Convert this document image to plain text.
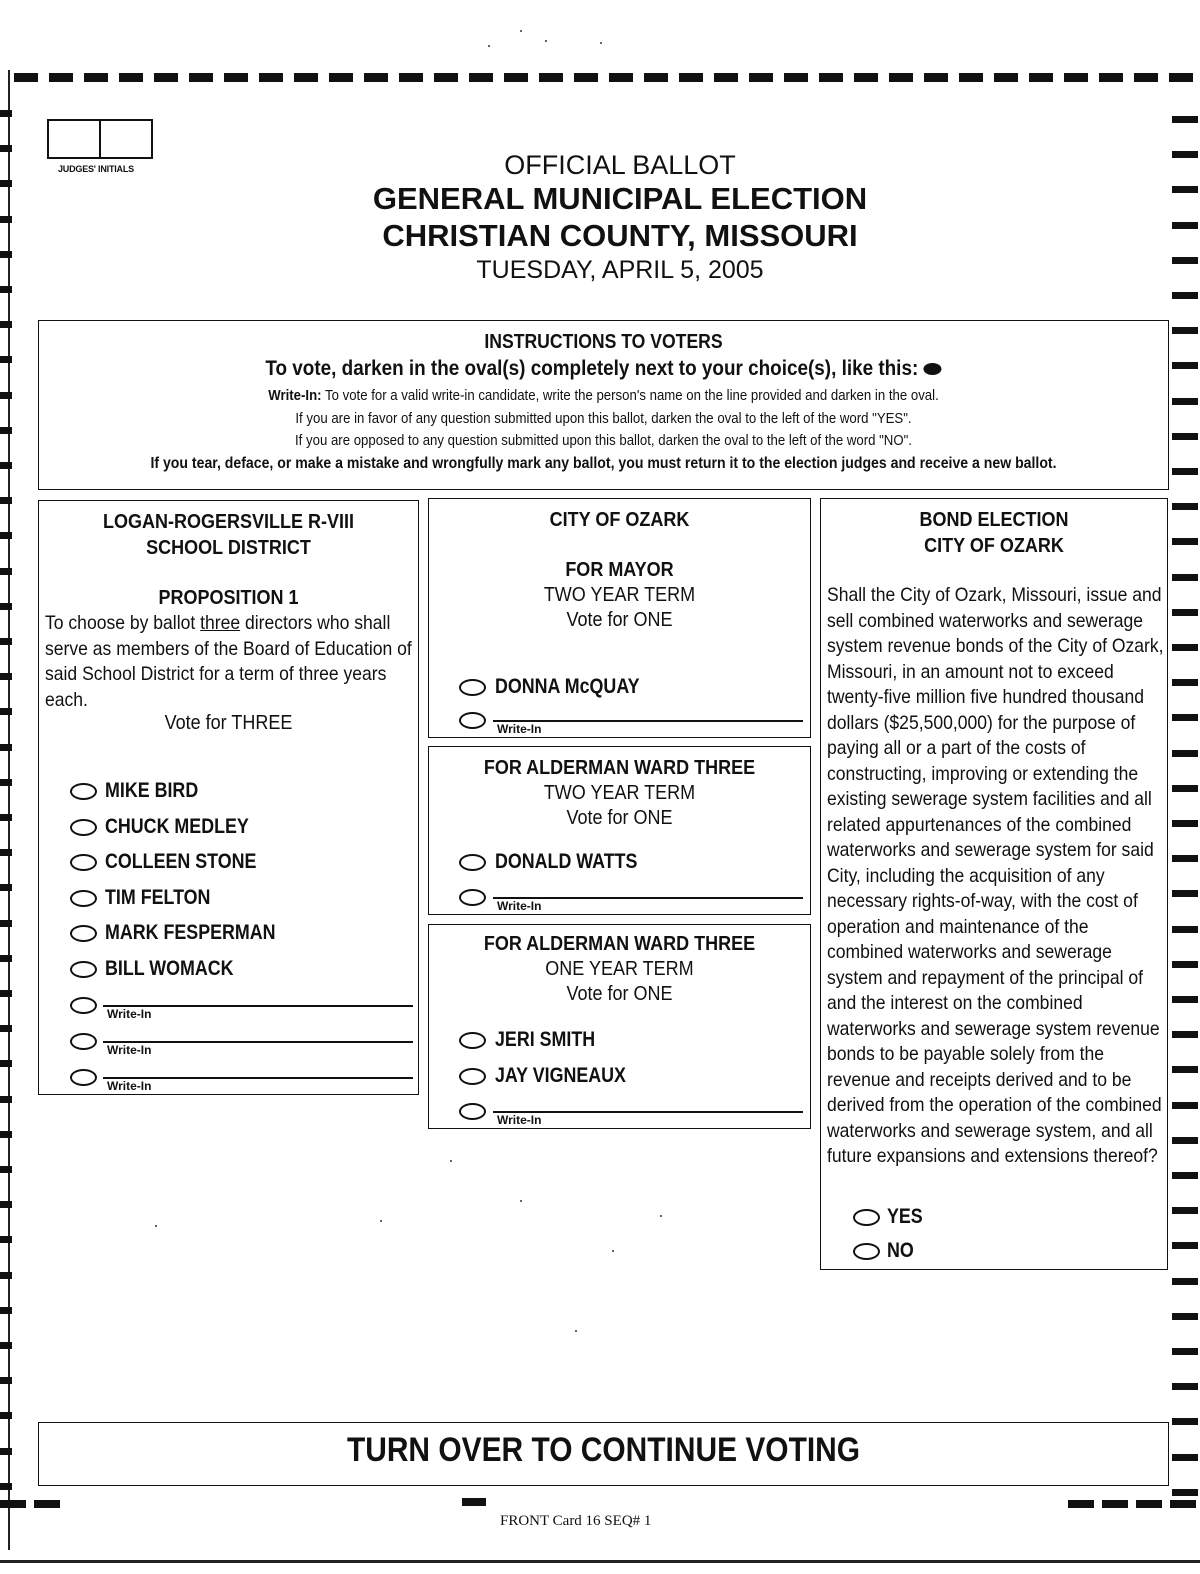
JUDGES' INITIALS	OFFICIAL BALLOT
GENERAL MUNICIPAL ELECTION
CHRISTIAN COUNTY, MISSOURI
TUESDAY, APRIL 5, 2005
INSTRUCTIONS TO VOTERS
To vote, darken in the oval(s) completely next to your choice(s), like this:
Write-In: To vote for a valid write-in candidate, write the person's name on the line provided and darken in the oval.
If you are in favor of any question submitted upon this ballot, darken the oval to the left of the word "YES".
If you are opposed to any question submitted upon this ballot, darken the oval to the left of the word "NO".
If you tear, deface, or make a mistake and wrongfully mark any ballot, you must return it to the election judges and receive a new ballot.
LOGAN-ROGERSVILLE R-VIII
SCHOOL DISTRICT
PROPOSITION 1
To choose by ballot three directors who shall serve as members of the Board of Education of said School District for a term of three years each.
Vote for THREE
MIKE BIRD
CHUCK MEDLEY
COLLEEN STONE
TIM FELTON
MARK FESPERMAN
BILL WOMACK
Write-In
Write-In
Write-In
CITY OF OZARK
FOR MAYOR
TWO YEAR TERM
Vote for ONE
DONNA McQUAY
Write-In
FOR ALDERMAN WARD THREE
TWO YEAR TERM
Vote for ONE
DONALD WATTS
Write-In
FOR ALDERMAN WARD THREE
ONE YEAR TERM
Vote for ONE
JERI SMITH
JAY VIGNEAUX
Write-In
BOND ELECTION
CITY OF OZARK
Shall the City of Ozark, Missouri, issue and sell combined waterworks and sewerage system revenue bonds of the City of Ozark, Missouri, in an amount not to exceed twenty-five million five hundred thousand dollars ($25,500,000) for the purpose of paying all or a part of the costs of constructing, improving or extending the existing sewerage system facilities and all related appurtenances of the combined waterworks and sewerage system for said City, including the acquisition of any necessary rights-of-way, with the cost of operation and maintenance of the combined waterworks and sewerage system and repayment of the principal of and the interest on the combined waterworks and sewerage system revenue bonds to be payable solely from the revenue and receipts derived and to be derived from the operation of the combined waterworks and sewerage system, and all future expansions and extensions thereof?
YES
NO
TURN OVER TO CONTINUE VOTING
FRONT Card 16 SEQ# 1
